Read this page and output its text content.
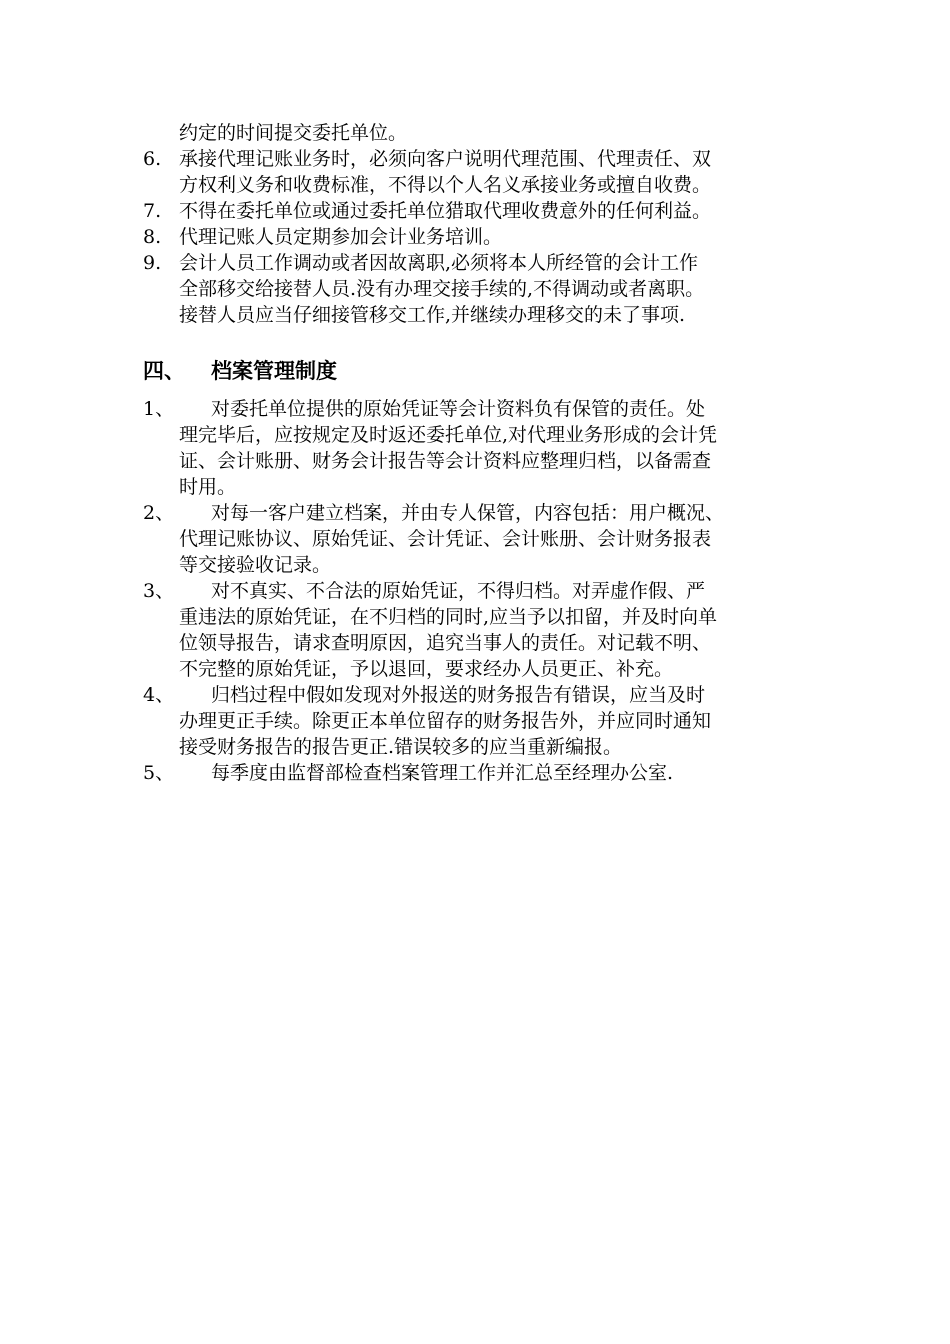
约定的时间提交委托单位。
6. 承接代理记账业务时，必须向客户说明代理范围、代理责任、双
方权利义务和收费标准，不得以个人名义承接业务或擅自收费。
7. 不得在委托单位或通过委托单位猎取代理收费意外的任何利益。
8. 代理记账人员定期参加会计业务培训。
9. 会计人员工作调动或者因故离职,必须将本人所经管的会计工作
全部移交给接替人员.没有办理交接手续的,不得调动或者离职。
接替人员应当仔细接管移交工作,并继续办理移交的未了事项.
四、	档案管理制度
1、	对委托单位提供的原始凭证等会计资料负有保管的责任。处
理完毕后，应按规定及时返还委托单位,对代理业务形成的会计凭
证、会计账册、财务会计报告等会计资料应整理归档，以备需查
时用。
2、	对每一客户建立档案，并由专人保管，内容包括：用户概况、
代理记账协议、原始凭证、会计凭证、会计账册、会计财务报表
等交接验收记录。
3、	对不真实、不合法的原始凭证，不得归档。对弄虚作假、严
重违法的原始凭证，在不归档的同时,应当予以扣留，并及时向单
位领导报告，请求查明原因，追究当事人的责任。对记载不明、
不完整的原始凭证，予以退回，要求经办人员更正、补充。
4、	归档过程中假如发现对外报送的财务报告有错误，应当及时
办理更正手续。除更正本单位留存的财务报告外，并应同时通知
接受财务报告的报告更正.错误较多的应当重新编报。
5、	每季度由监督部检查档案管理工作并汇总至经理办公室.
